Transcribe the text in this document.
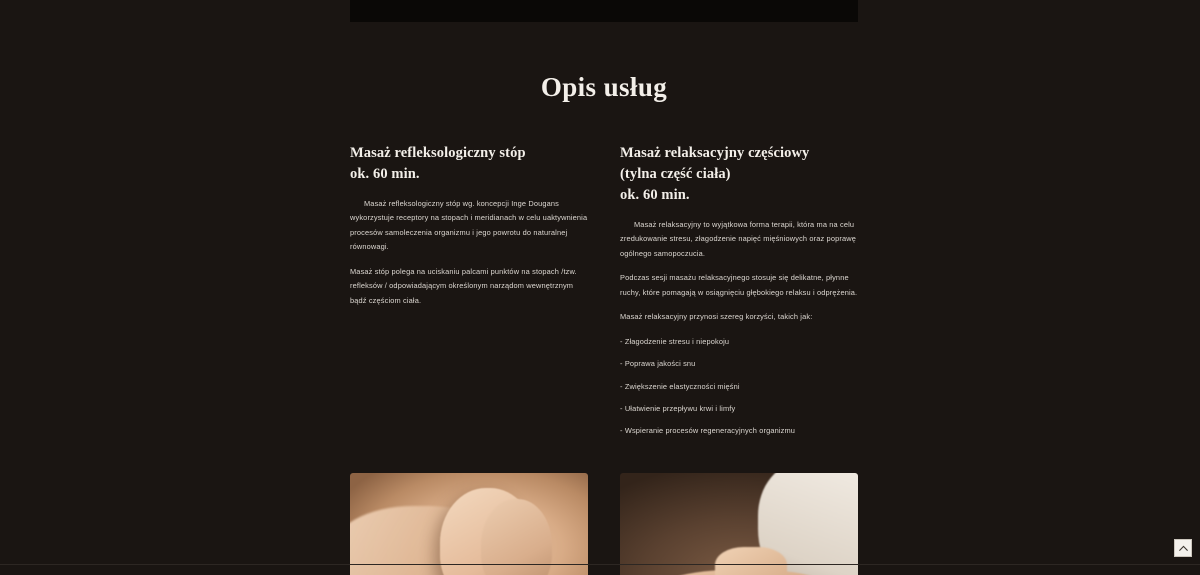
Opis usług
Masaż refleksologiczny stóp
ok. 60 min.

Masaż refleksologiczny stóp wg. koncepcji Inge Dougans wykorzystuje receptory na stopach i meridianach w celu uaktywnienia procesów samoleczenia organizmu i jego powrotu do naturalnej równowagi.

Masaż stóp polega na uciskaniu palcami punktów na stopach /tzw. refleksów / odpowiadającym określonym narządom wewnętrznym bądź częściom ciała.

Masaż relaksacyjny częściowy
(tylna część ciała)
ok. 60 min.

Masaż relaksacyjny to wyjątkowa forma terapii, która ma na celu zredukowanie stresu, złagodzenie napięć mięśniowych oraz poprawę ogólnego samopoczucia.

Podczas sesji masażu relaksacyjnego stosuje się delikatne, płynne ruchy, które pomagają w osiągnięciu głębokiego relaksu i odprężenia.

Masaż relaksacyjny przynosi szereg korzyści, takich jak:

- Złagodzenie stresu i niepokoju

- Poprawa jakości snu

- Zwiększenie elastyczności mięśni

- Ułatwienie przepływu krwi i limfy

- Wspieranie procesów regeneracyjnych organizmu
